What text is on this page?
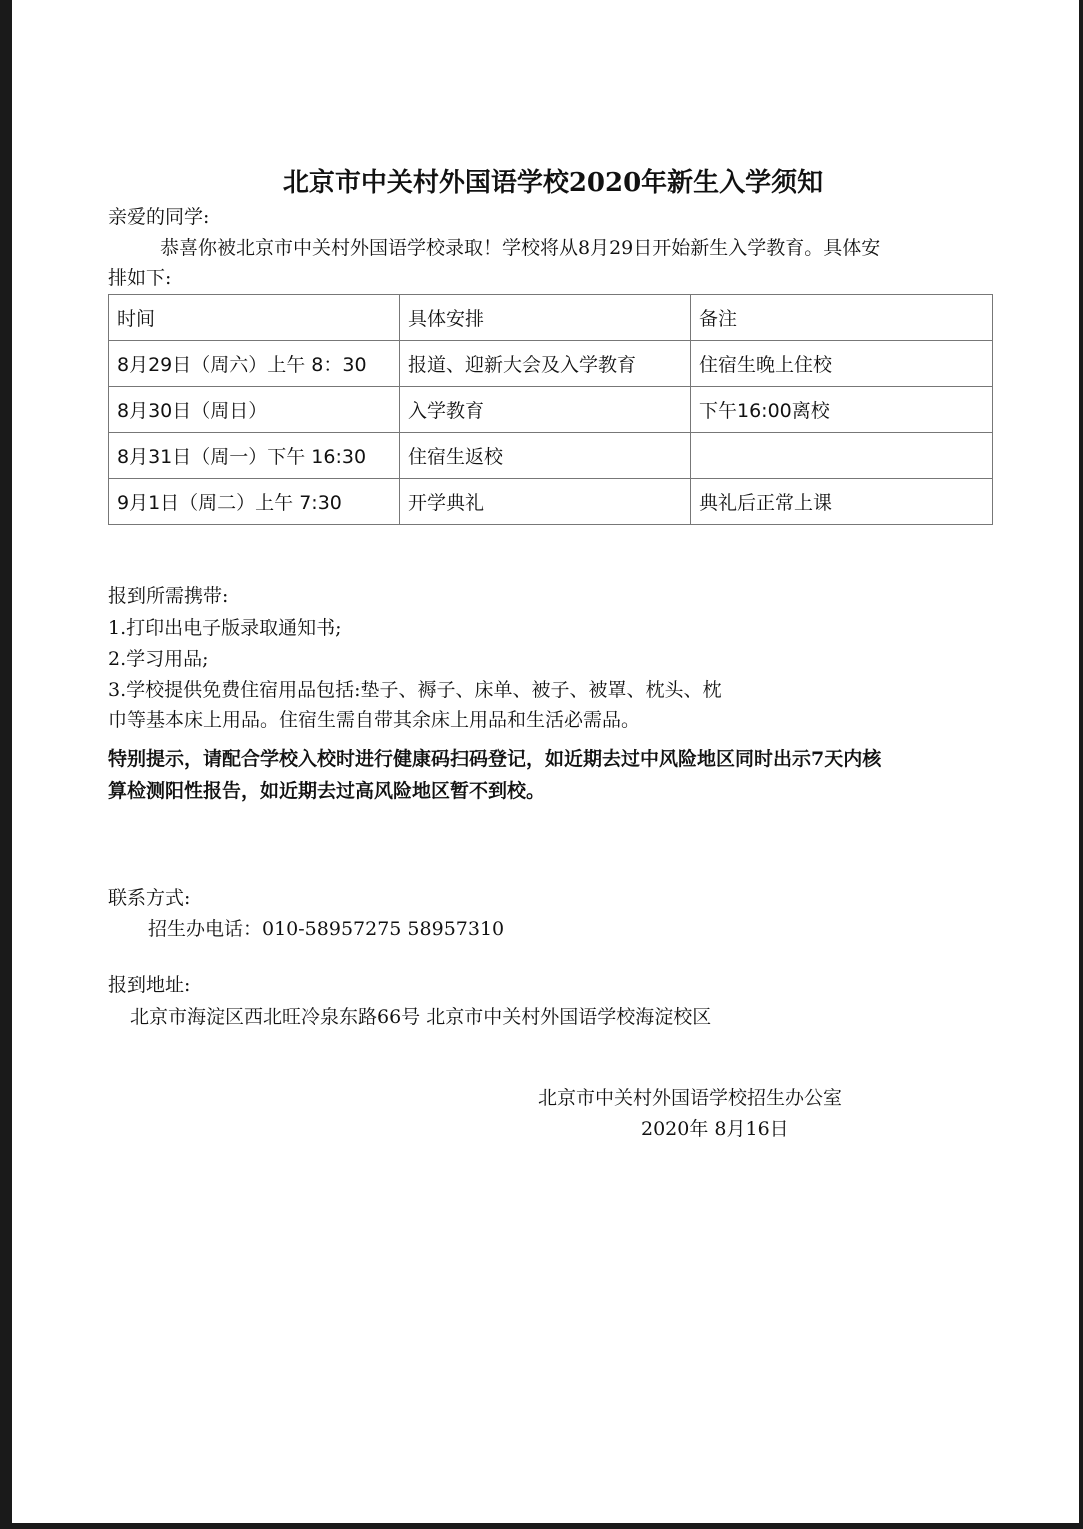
北京市中关村外国语学校2020年新生入学须知
亲爱的同学:
恭喜你被北京市中关村外国语学校录取！学校将从8月29日开始新生入学教育。具体安
排如下:
时间	具体安排	备注
8月29日（周六）上午 8：30	报道、迎新大会及入学教育	住宿生晚上住校
8月30日（周日）	入学教育	下午16:00离校
8月31日（周一）下午 16:30	住宿生返校	
9月1日（周二）上午 7:30	开学典礼	典礼后正常上课
报到所需携带:
1.打印出电子版录取通知书;
2.学习用品;
3.学校提供免费住宿用品包括:垫子、褥子、床单、被子、被罩、枕头、枕
巾等基本床上用品。住宿生需自带其余床上用品和生活必需品。
特别提示，请配合学校入校时进行健康码扫码登记，如近期去过中风险地区同时出示7天内核
算检测阳性报告，如近期去过高风险地区暂不到校。
联系方式:
招生办电话：010-58957275 58957310
报到地址:
北京市海淀区西北旺冷泉东路66号 北京市中关村外国语学校海淀校区
北京市中关村外国语学校招生办公室
2020年 8月16日
